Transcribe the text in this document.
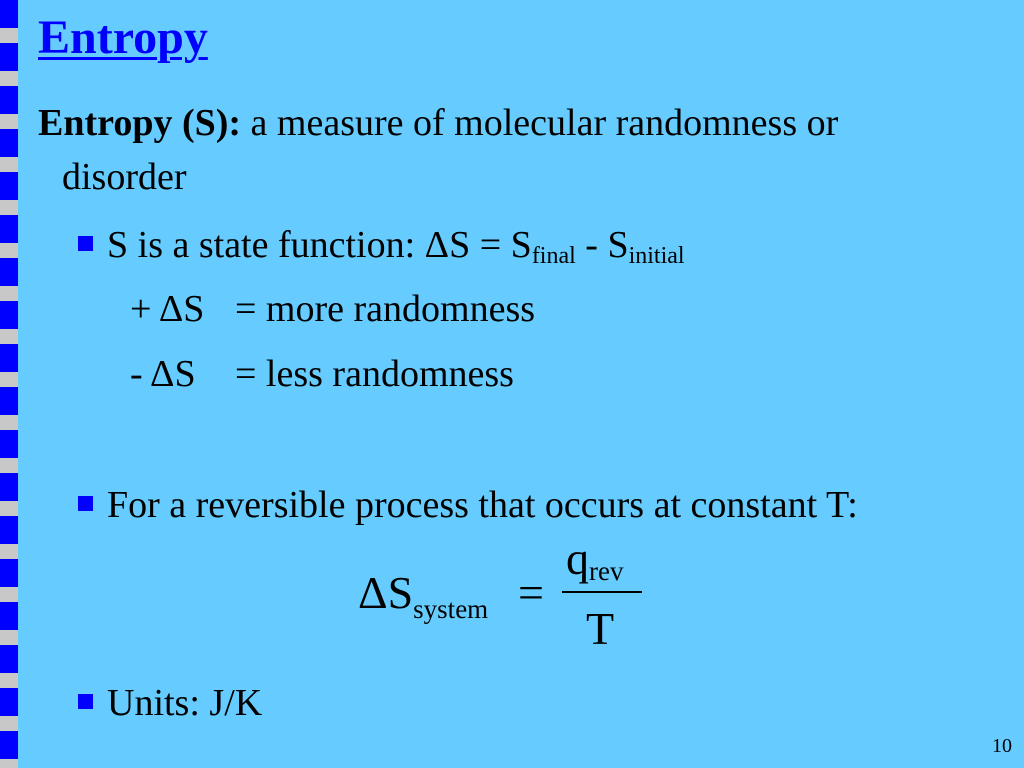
Entropy
Entropy (S): a measure of molecular randomness or
disorder
S is a state function: $\Delta S = S_{final} - S_{initial}$
+ ΔS = more randomness
- ΔS = less randomness
For a reversible process that occurs at constant T:
$\Delta S_{system}$ =
$q_{rev}$
T
Units: J/K
10
